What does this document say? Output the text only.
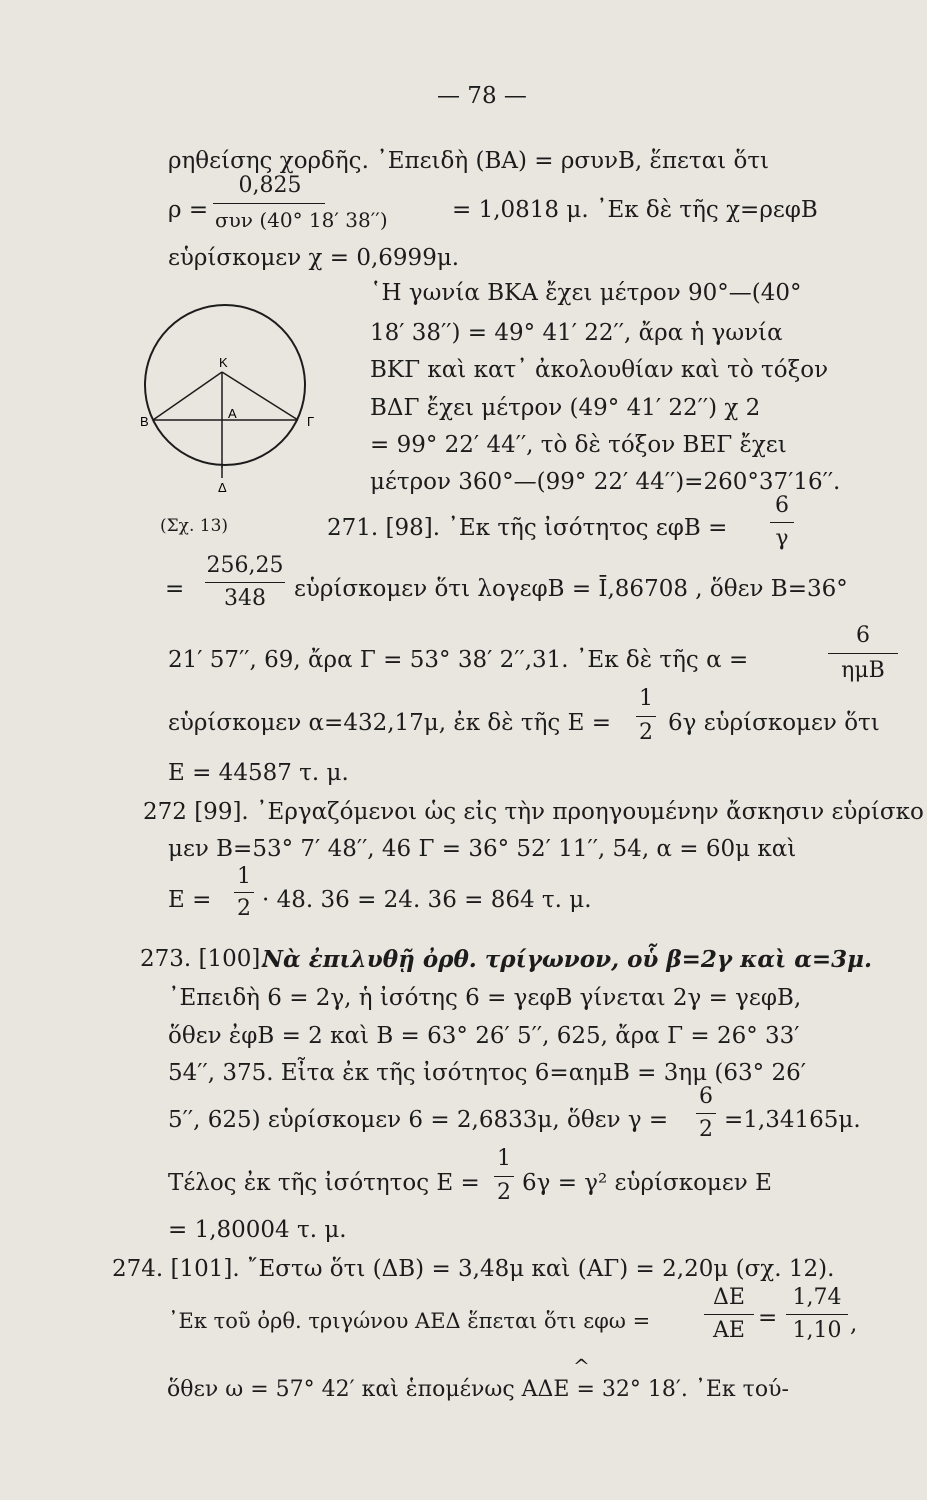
— 78 —
ρηθείσης χορδῆς. ᾿Επειδὴ (ΒΑ) = ρσυνΒ, ἕπεται ὅτι
ρ =
0,825
συν (40° 18′ 38′′)	= 1,0818 μ. ᾿Εκ δὲ τῆς χ=ρεφΒ
εὑρίσκομεν χ = 0,6999μ.
Κ
Β
Α
Γ
Δ
῾Η γωνία ΒΚΑ ἔχει μέτρον 90°—(40°
18′ 38′′) = 49° 41′ 22′′, ἄρα ἡ γωνία
ΒΚΓ καὶ κατ᾿ ἀκολουθίαν καὶ τὸ τόξον
ΒΔΓ ἔχει μέτρον (49° 41′ 22′′) χ 2
= 99° 22′ 44′′, τὸ δὲ τόξον ΒΕΓ ἔχει
μέτρον 360°—(99° 22′ 44′′)=260°37′16′′.
(Σχ. 13)	271. [98]. ᾿Εκ τῆς ἰσότητος εφΒ =
6
γ
=
256,25
348	εὑρίσκομεν ὅτι λογεφΒ = Ī,86708 , ὅθεν Β=36°
21′ 57′′, 69, ἄρα Γ = 53° 38′ 2′′,31. ᾿Εκ δὲ τῆς α =
6
ημΒ
εὑρίσκομεν α=432,17μ, ἐκ δὲ τῆς Ε =
1
2 6γ εὑρίσκομεν ὅτι
Ε = 44587 τ. μ.
272 [99]. ᾿Εργαζόμενοι ὡς εἰς τὴν προηγουμένην ἄσκησιν εὑρίσκο
μεν Β=53° 7′ 48′′, 46 Γ = 36° 52′ 11′′, 54, α = 60μ καὶ
Ε =
1
2 · 48. 36 = 24. 36 = 864 τ. μ.
273. [100].
Νὰ ἐπιλυθῇ ὀρθ. τρίγωνον, οὗ β=2γ καὶ α=3μ.
᾿Επειδὴ 6 = 2γ, ἡ ἰσότης 6 = γεφΒ γίνεται 2γ = γεφΒ,
ὅθεν ἐφΒ = 2 καὶ Β = 63° 26′ 5′′, 625, ἄρα Γ = 26° 33′
54′′, 375. Εἶτα ἐκ τῆς ἰσότητος 6=αημΒ = 3ημ (63° 26′
5′′, 625) εὑρίσκομεν 6 = 2,6833μ, ὅθεν γ =
6
2 =1,34165μ.
Τέλος ἐκ τῆς ἰσότητος Ε =
1
2 6γ = γ² εὑρίσκομεν Ε
= 1,80004 τ. μ.
274. [101]. ῎Εστω ὅτι (ΔΒ) = 3,48μ καὶ (ΑΓ) = 2,20μ (σχ. 12).
᾿Εκ τοῦ ὀρθ. τριγώνου ΑΕΔ ἕπεται ὅτι εφω =
ΔΕ
ΑΕ =
1,74
1,10 ,
ὅθεν ω = 57° 42′ καὶ ἑπομένως ΑΔΕ = 32° 18′. ᾿Εκ τού-
^
